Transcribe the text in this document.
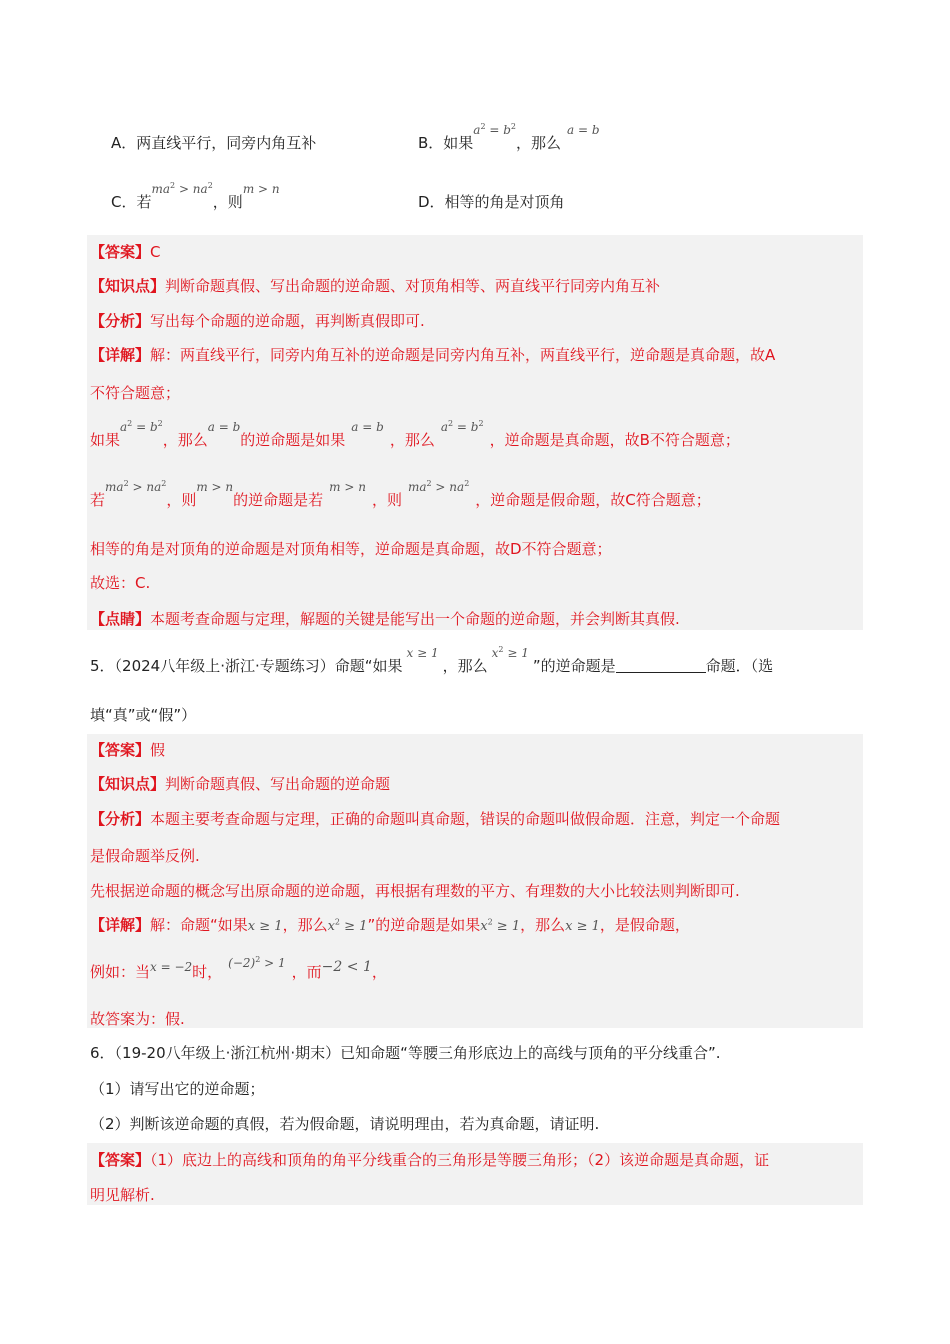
A．两直线平行，同旁内角互补	B．如果$^{a^2 = b^2}$，那么$^{a = b}$
C．若$^{ma^2 > na^2}$，则$^{m > n}$
D．相等的角是对顶角
【答案】C
【知识点】判断命题真假、写出命题的逆命题、对顶角相等、两直线平行同旁内角互补
【分析】写出每个命题的逆命题，再判断真假即可.
【详解】解：两直线平行，同旁内角互补的逆命题是同旁内角互补，两直线平行，逆命题是真命题，故A
不符合题意；
如果$^{a^2 = b^2}$，那么$^{a = b}$的逆命题是如果$^{a = b}$，那么$^{a^2 = b^2}$，逆命题是真命题，故B不符合题意；
若$^{ma^2 > na^2}$，则$^{m > n}$的逆命题是若$^{m > n}$，则$^{ma^2 > na^2}$，逆命题是假命题，故C符合题意；
相等的角是对顶角的逆命题是对顶角相等，逆命题是真命题，故D不符合题意；
故选：C.
【点睛】本题考查命题与定理，解题的关键是能写出一个命题的逆命题，并会判断其真假.
5．（2024八年级上·浙江·专题练习）命题“如果$^{x \ge 1}$，那么$^{x^2 \ge 1}$”的逆命题是	命题．（选
填“真”或“假”）
【答案】假
【知识点】判断命题真假、写出命题的逆命题
【分析】本题主要考查命题与定理，正确的命题叫真命题，错误的命题叫做假命题．注意，判定一个命题
是假命题举反例.
先根据逆命题的概念写出原命题的逆命题，再根据有理数的平方、有理数的大小比较法则判断即可.
【详解】解：命题“如果x ≥ 1，那么$x^2 \ge 1$”的逆命题是如果$x^2 \ge 1$，那么x ≥ 1，是假命题，
例如：当$^{x = -2}$时， $^{(-2)^2 > 1}$ ，而−2 < 1，
故答案为：假.
6．（19-20八年级上·浙江杭州·期末）已知命题“等腰三角形底边上的高线与顶角的平分线重合”.
（1）请写出它的逆命题；
（2）判断该逆命题的真假，若为假命题，请说明理由，若为真命题，请证明.
【答案】（1）底边上的高线和顶角的角平分线重合的三角形是等腰三角形；（2）该逆命题是真命题，证
明见解析.
